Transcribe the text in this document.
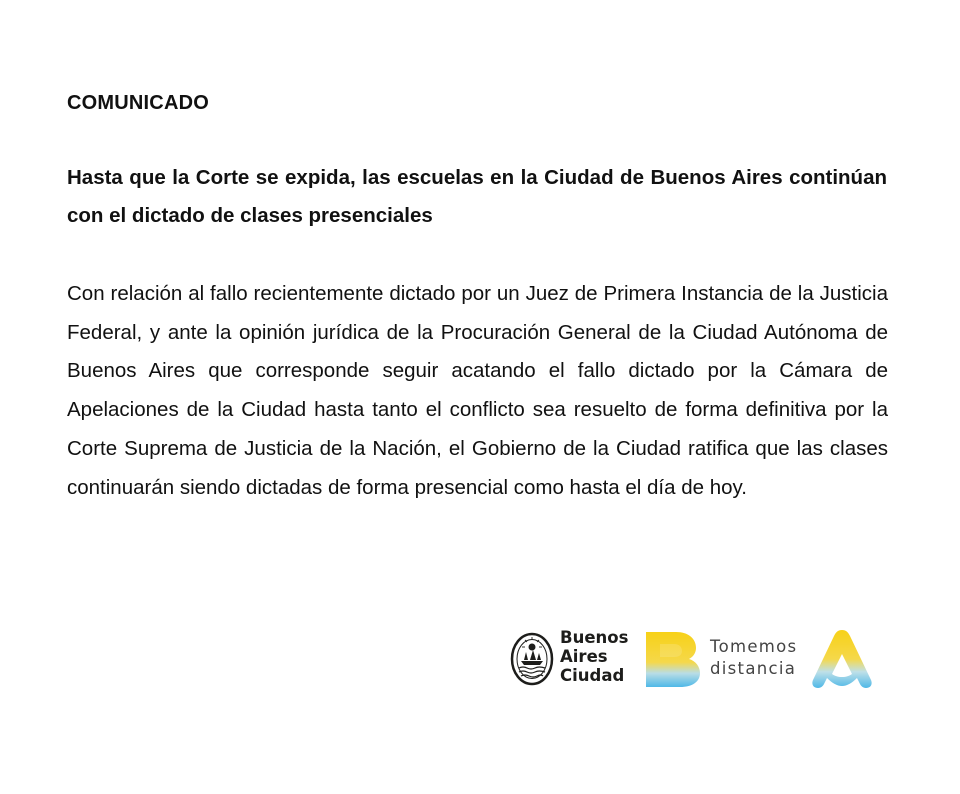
COMUNICADO
Hasta que la Corte se expida, las escuelas en la Ciudad de Buenos Aires continúan con el dictado de clases presenciales
Con relación al fallo recientemente dictado por un Juez de Primera Instancia de la Justicia Federal, y ante la opinión jurídica de la Procuración General de la Ciudad Autónoma de Buenos Aires que corresponde seguir acatando el fallo dictado por la Cámara de Apelaciones de la Ciudad hasta tanto el conflicto sea resuelto de forma definitiva por la Corte Suprema de Justicia de la Nación, el Gobierno de la Ciudad ratifica que las clases continuarán siendo dictadas de forma presencial como hasta el día de hoy.
Buenos
Aires
Ciudad
Tomemos
distancia
